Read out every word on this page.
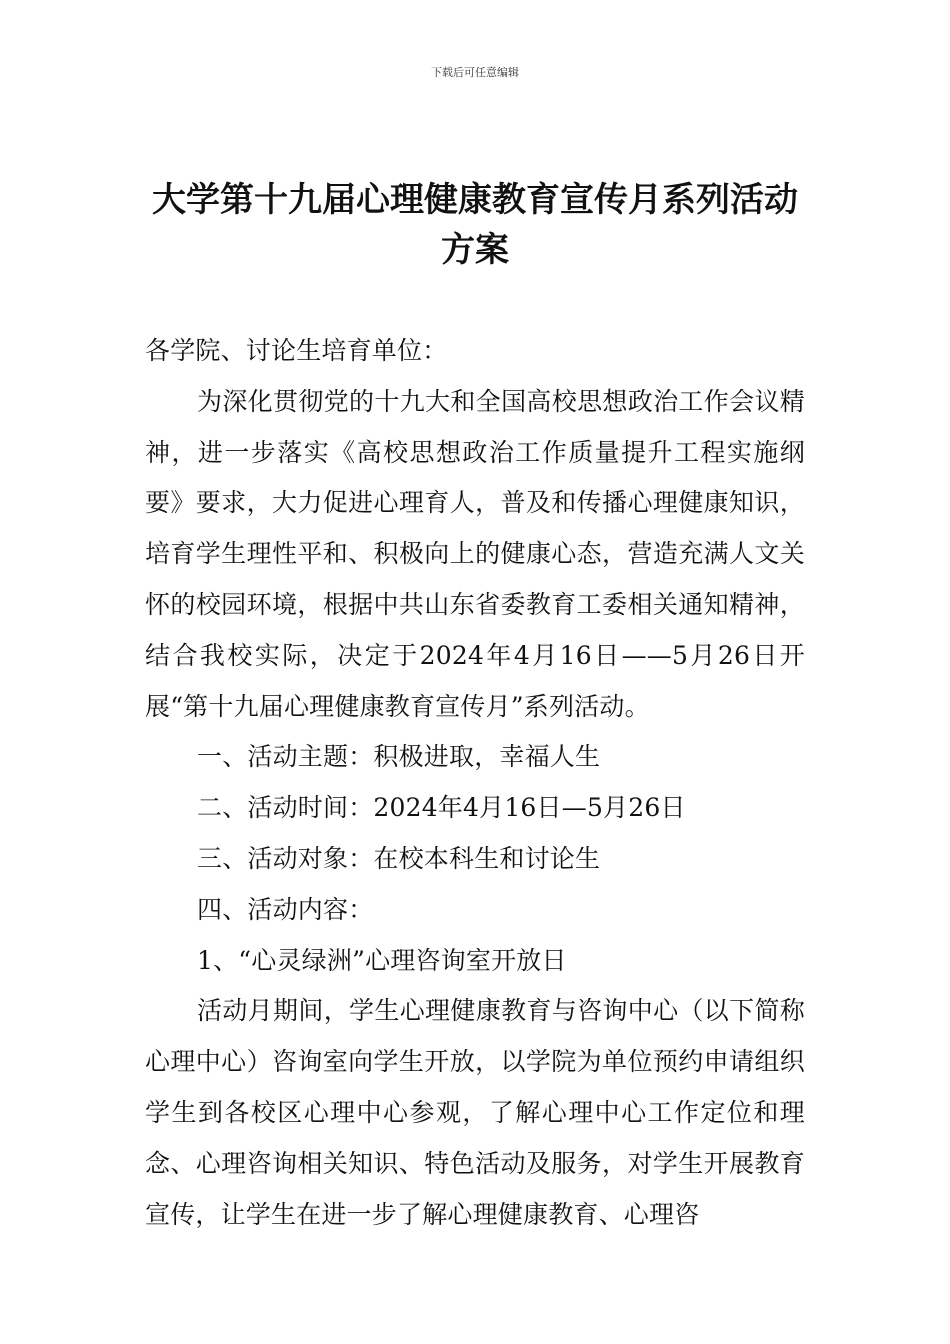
下载后可任意编辑
大学第十九届心理健康教育宣传月系列活动方案

各学院、讨论生培育单位：

为深化贯彻党的十九大和全国高校思想政治工作会议精神，进一步落实《高校思想政治工作质量提升工程实施纲要》要求，大力促进心理育人，普及和传播心理健康知识，培育学生理性平和、积极向上的健康心态，营造充满人文关怀的校园环境，根据中共山东省委教育工委相关通知精神，结合我校实际，决定于2024年4月16日——5月26日开展“第十九届心理健康教育宣传月”系列活动。

一、活动主题：积极进取，幸福人生

二、活动时间：2024年4月16日—5月26日

三、活动对象：在校本科生和讨论生

四、活动内容：

1、“心灵绿洲”心理咨询室开放日

活动月期间，学生心理健康教育与咨询中心（以下简称心理中心）咨询室向学生开放，以学院为单位预约申请组织学生到各校区心理中心参观，了解心理中心工作定位和理念、心理咨询相关知识、特色活动及服务，对学生开展教育宣传，让学生在进一步了解心理健康教育、心理咨
